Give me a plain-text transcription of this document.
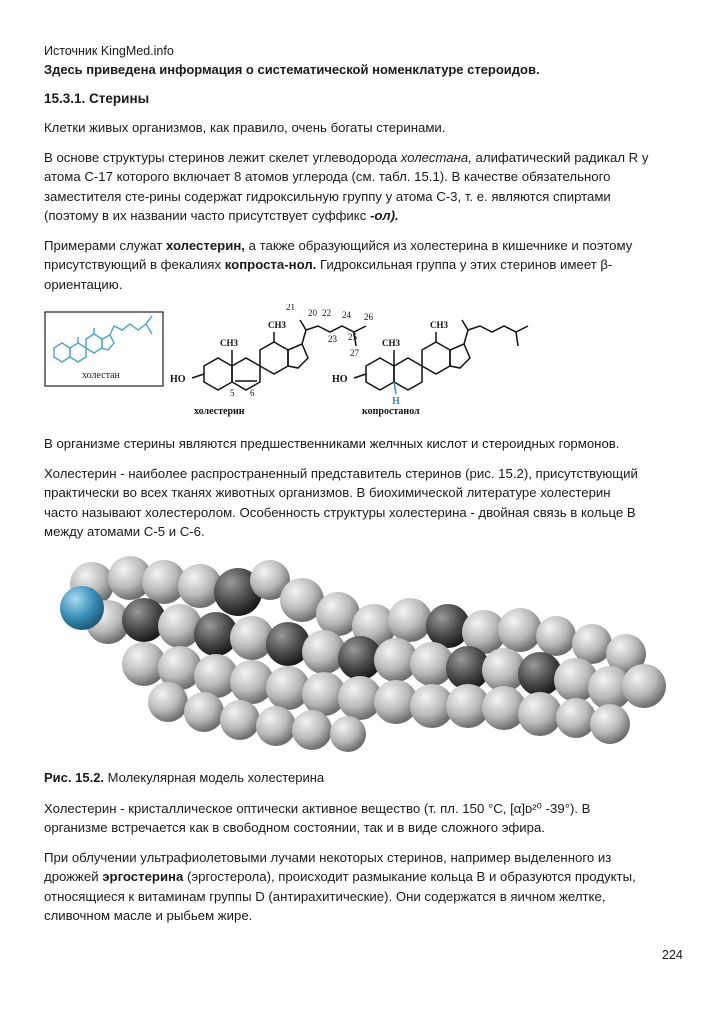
Источник KingMed.info
Здесь приведена информация о систематической номенклатуре стероидов.
15.3.1. Стерины

Клетки живых организмов, как правило, очень богаты стеринами.

В основе структуры стеринов лежит скелет углеводорода холестана, алифатический радикал R у
атома С-17 которого включает 8 атомов углерода (см. табл. 15.1). В качестве обязательного
заместителя сте-рины содержат гидроксильную группу у атома С-3, т. е. являются спиртами
(поэтому в их названии часто присутствует суффикс -ол).

Примерами служат холестерин, а также образующийся из холестерина в кишечнике и поэтому
присутствующий в фекалиях копроста-нол. Гидроксильная группа у этих стеринов имеет β-
ориентацию.

холестан	HO
CH3
CH3
21
20 22
23
24
25
26
27
5 6
холестерин
HO
CH3
CH3
H
копростанол

В организме стерины являются предшественниками желчных кислот и стероидных гормонов.

Холестерин - наиболее распространенный представитель стеринов (рис. 15.2), присутствующий
практически во всех тканях животных организмов. В биохимической литературе холестерин
часто называют холестеролом. Особенность структуры холестерина - двойная связь в кольце B
между атомами С-5 и С-6.

Рис. 15.2. Молекулярная модель холестерина

Холестерин - кристаллическое оптически активное вещество (т. пл. 150 °С, [α]ᴅ²⁰ -39°). В
организме встречается как в свободном состоянии, так и в виде сложного эфира.

При облучении ультрафиолетовыми лучами некоторых стеринов, например выделенного из
дрожжей эргостерина (эргостерола), происходит размыкание кольца B и образуются продукты,
относящиеся к витаминам группы D (антирахитические). Они содержатся в яичном желтке,
сливочном масле и рыбьем жире.

224
